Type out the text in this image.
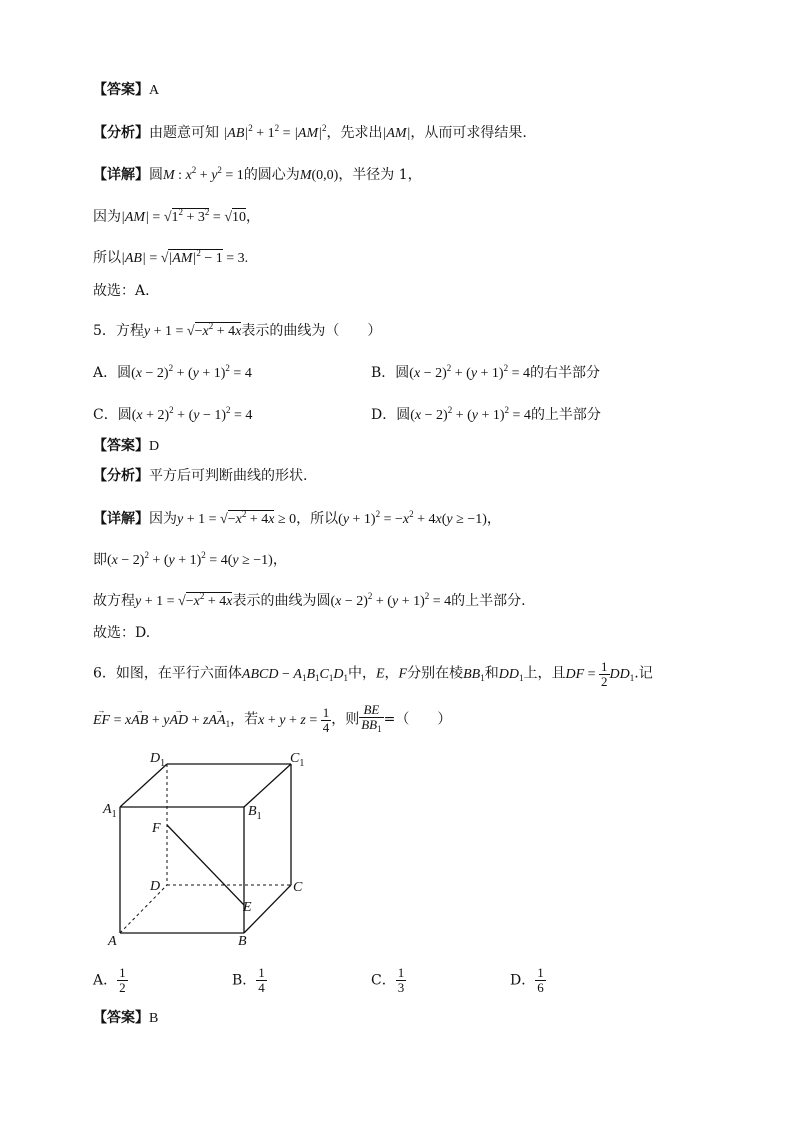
【答案】A
【分析】由题意可知 $|AB|^2 + 1^2 = |AM|^2$，先求出|AM|，从而可求得结果.
【详解】圆M : $x^2 + y^2 = 1$的圆心为M(0,0)，半径为 1，
因为$|AM| = √1^2 + 3^2 = √10$，
所以$|AB| = √|AM|^2 - 1 = 3$.
故选：A.
5．方程$y + 1 = √-x^2 + 4x$表示的曲线为（　　）
A．圆$(x - 2)^2 + (y + 1)^2 = 4$	B．圆$(x - 2)^2 + (y + 1)^2 = 4$的右半部分
C．圆$(x + 2)^2 + (y - 1)^2 = 4$	D．圆$(x - 2)^2 + (y + 1)^2 = 4$的上半部分
【答案】D
【分析】平方后可判断曲线的形状.
【详解】因为$y + 1 = √-x^2 + 4x \ge 0$，所以$(y + 1)^2 = -x^2 + 4x(y \ge -1)$，
即$(x - 2)^2 + (y + 1)^2 = 4(y \ge -1)$，
故方程$y + 1 = √-x^2 + 4x$表示的曲线为圆$(x - 2)^2 + (y + 1)^2 = 4$的上半部分.
故选：D.
6．如图，在平行六面体ABCD − $A_1B_1C_1D_1$中，E，F分别在棱$BB_1$和$DD_1$上，且DF = $\frac{1}{2} DD_1$.记
→ EF = x→ AB + y→ AD + $z\to AA_1$，若$x + y + z = \frac{1}{4}$ ，则 $\frac{BE}{BB_1}$ =（　　）
$D_1$	$C_1$
$A_1$	$B_1$
F
D	C
E
A	B
A． $\frac{1}{2}$	B． $\frac{1}{4}$	C． $\frac{1}{3}$	D． $\frac{1}{6}$
【答案】B
